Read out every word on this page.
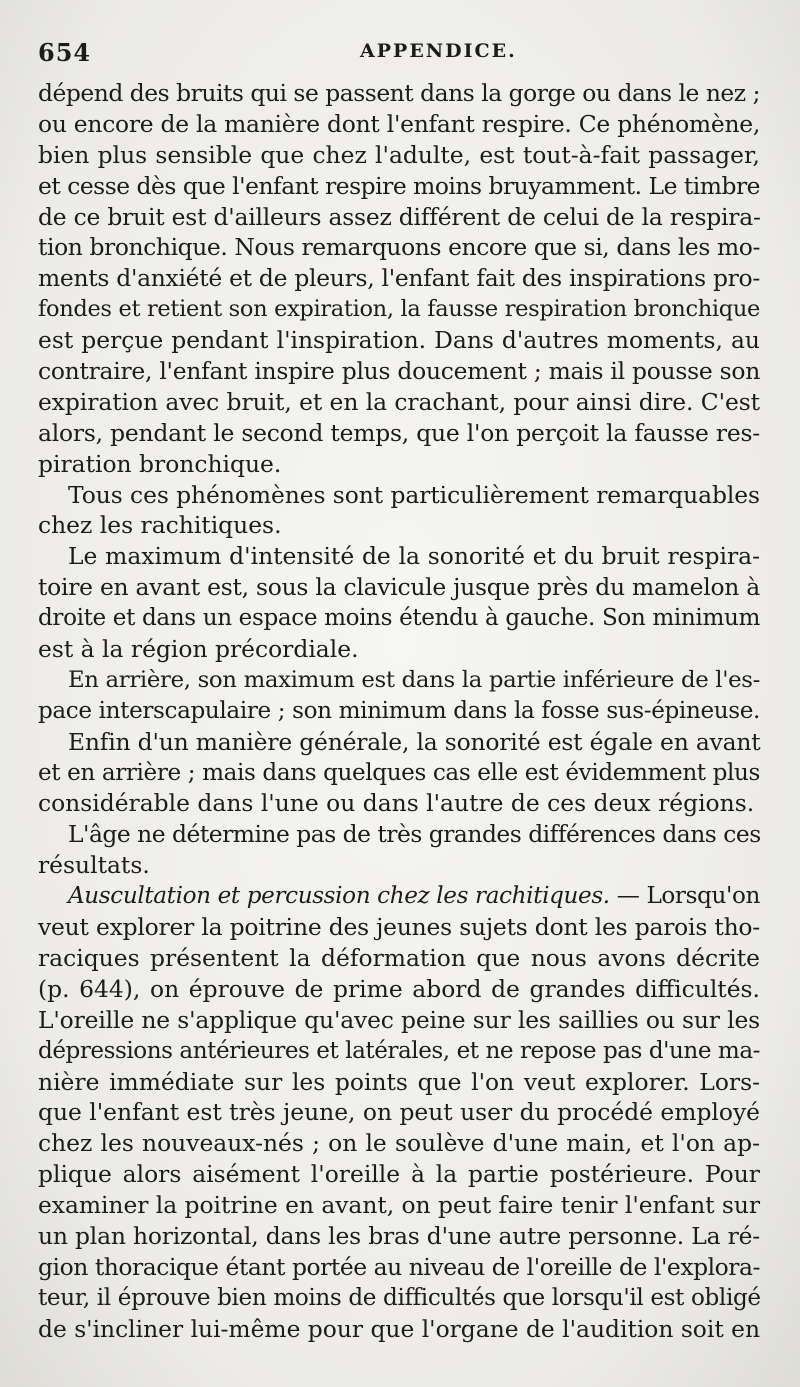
654	APPENDICE.
dépend des bruits qui se passent dans la gorge ou dans le nez ;
ou encore de la manière dont l'enfant respire. Ce phénomène,
bien plus sensible que chez l'adulte, est tout-à-fait passager,
et cesse dès que l'enfant respire moins bruyamment. Le timbre
de ce bruit est d'ailleurs assez différent de celui de la respira-
tion bronchique. Nous remarquons encore que si, dans les mo-
ments d'anxiété et de pleurs, l'enfant fait des inspirations pro-
fondes et retient son expiration, la fausse respiration bronchique
est perçue pendant l'inspiration. Dans d'autres moments, au
contraire, l'enfant inspire plus doucement ; mais il pousse son
expiration avec bruit, et en la crachant, pour ainsi dire. C'est
alors, pendant le second temps, que l'on perçoit la fausse res-
piration bronchique.
Tous ces phénomènes sont particulièrement remarquables
chez les rachitiques.
Le maximum d'intensité de la sonorité et du bruit respira-
toire en avant est, sous la clavicule jusque près du mamelon à
droite et dans un espace moins étendu à gauche. Son minimum
est à la région précordiale.
En arrière, son maximum est dans la partie inférieure de l'es-
pace interscapulaire ; son minimum dans la fosse sus-épineuse.
Enfin d'un manière générale, la sonorité est égale en avant
et en arrière ; mais dans quelques cas elle est évidemment plus
considérable dans l'une ou dans l'autre de ces deux régions.
L'âge ne détermine pas de très grandes différences dans ces
résultats.
Auscultation et percussion chez les rachitiques. — Lorsqu'on
veut explorer la poitrine des jeunes sujets dont les parois tho-
raciques présentent la déformation que nous avons décrite
(p. 644), on éprouve de prime abord de grandes difficultés.
L'oreille ne s'applique qu'avec peine sur les saillies ou sur les
dépressions antérieures et latérales, et ne repose pas d'une ma-
nière immédiate sur les points que l'on veut explorer. Lors-
que l'enfant est très jeune, on peut user du procédé employé
chez les nouveaux-nés ; on le soulève d'une main, et l'on ap-
plique alors aisément l'oreille à la partie postérieure. Pour
examiner la poitrine en avant, on peut faire tenir l'enfant sur
un plan horizontal, dans les bras d'une autre personne. La ré-
gion thoracique étant portée au niveau de l'oreille de l'explora-
teur, il éprouve bien moins de difficultés que lorsqu'il est obligé
de s'incliner lui-même pour que l'organe de l'audition soit en
